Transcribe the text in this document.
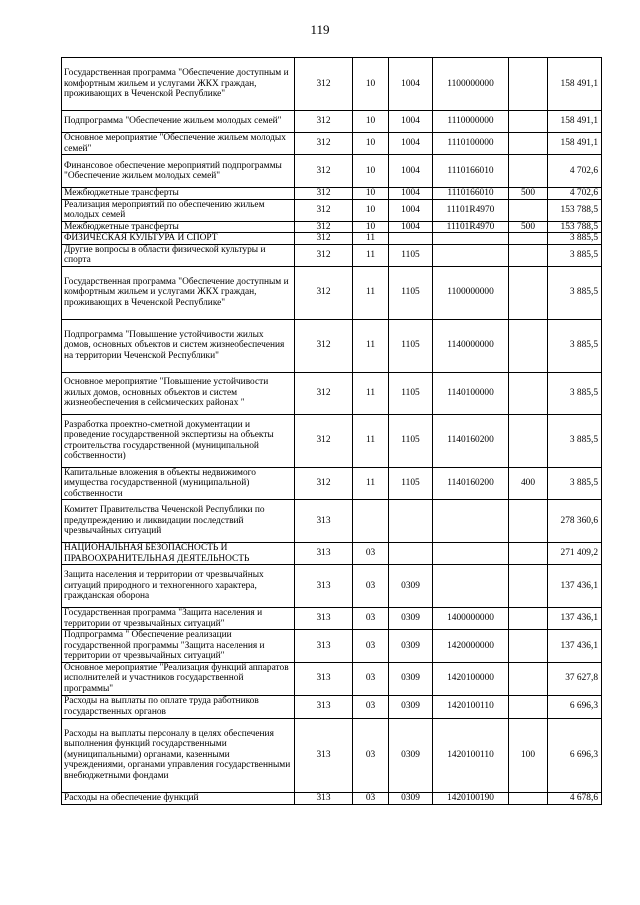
119
Государственная программа "Обеспечение доступным и комфортным жильем и услугами ЖКХ граждан, проживающих в Чеченской Республике"	312	10	1004	1100000000		158 491,1
Подпрограмма "Обеспечение жильем молодых семей"	312	10	1004	1110000000		158 491,1
Основное мероприятие "Обеспечение жильем молодых семей"	312	10	1004	1110100000		158 491,1
Финансовое обеспечение мероприятий подпрограммы "Обеспечение жильем молодых семей"	312	10	1004	1110166010		4 702,6
Межбюджетные трансферты	312	10	1004	1110166010	500	4 702,6
Реализация мероприятий по обеспечению жильем молодых семей	312	10	1004	11101R4970		153 788,5
Межбюджетные трансферты	312	10	1004	11101R4970	500	153 788,5
ФИЗИЧЕСКАЯ КУЛЬТУРА И СПОРТ	312	11				3 885,5
Другие вопросы в области физической культуры и спорта	312	11	1105			3 885,5
Государственная программа "Обеспечение доступным и комфортным жильем и услугами ЖКХ граждан, проживающих в Чеченской Республике"	312	11	1105	1100000000		3 885,5
Подпрограмма "Повышение устойчивости жилых домов, основных объектов и систем жизнеобеспечения на территории Чеченской Республики"	312	11	1105	1140000000		3 885,5
Основное мероприятие "Повышение устойчивости жилых домов, основных объектов и систем жизнеобеспечения в сейсмических районах "	312	11	1105	1140100000		3 885,5
Разработка проектно-сметной документации и проведение государственной экспертизы на объекты строительства государственной (муниципальной собственности)	312	11	1105	1140160200		3 885,5
Капитальные вложения в объекты недвижимого имущества государственной (муниципальной) собственности	312	11	1105	1140160200	400	3 885,5
Комитет Правительства Чеченской Республики по предупреждению и ликвидации последствий чрезвычайных ситуаций	313					278 360,6
НАЦИОНАЛЬНАЯ БЕЗОПАСНОСТЬ И ПРАВООХРАНИТЕЛЬНАЯ ДЕЯТЕЛЬНОСТЬ	313	03				271 409,2
Защита населения и территории от чрезвычайных ситуаций природного и техногенного характера, гражданская оборона	313	03	0309			137 436,1
Государственная программа "Защита населения и территории от чрезвычайных ситуаций"	313	03	0309	1400000000		137 436,1
Подпрограмма " Обеспечение реализации государственной программы "Защита населения и территории от чрезвычайных ситуаций"	313	03	0309	1420000000		137 436,1
Основное мероприятие "Реализация функций аппаратов исполнителей и участников государственной программы"	313	03	0309	1420100000		37 627,8
Расходы на выплаты по оплате труда работников государственных органов	313	03	0309	1420100110		6 696,3
Расходы на выплаты персоналу в целях обеспечения выполнения функций государственными (муниципальными) органами, казенными учреждениями, органами управления государственными внебюджетными фондами	313	03	0309	1420100110	100	6 696,3
Расходы на обеспечение функций	313	03	0309	1420100190		4 678,6
